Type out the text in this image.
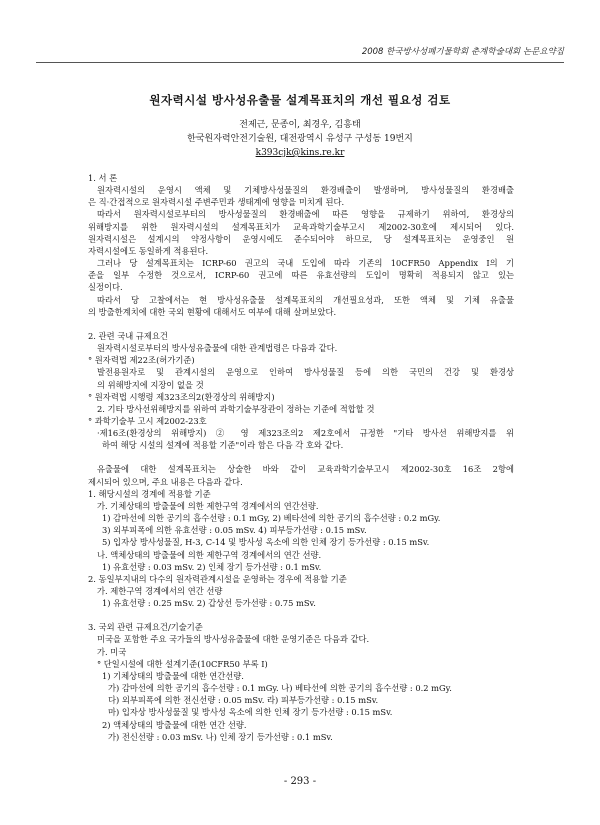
2008 한국방사성폐기물학회 춘계학술대회 논문요약집
원자력시설 방사성유출물 설계목표치의 개선 필요성 검토
전제근, 문종이, 최경우, 김흥태
한국원자력안전기술원, 대전광역시 유성구 구성동 19번지
k393cjk@kins.re.kr

1. 서 론

원자력시설의 운영시 액체 및 기체방사성물질의 환경배출이 발생하며, 방사성물질의 환경배출

은 직·간접적으로 원자력시설 주변주민과 생태계에 영향을 미치게 된다.

따라서 원자력시설로부터의 방사성물질의 환경배출에 따른 영향을 규제하기 위하여, 환경상의

위해방지를 위한 원자력시설의 설계목표치가 교육과학기술부고시 제2002-30호에 제시되어 있다.

원자력시설은 설계시의 약정사항이 운영시에도 준수되어야 하므로, 당 설계목표치는 운영중인 원

자력시설에도 동일하게 적용된다.

그러나 당 설계목표치는 ICRP-60 권고의 국내 도입에 따라 기존의 10CFR50 Appendix I의 기

준을 일부 수정한 것으로서, ICRP-60 권고에 따른 유효선량의 도입이 명확히 적용되지 않고 있는

실정이다.

따라서 당 고찰에서는 현 방사성유출물 설계목표치의 개선필요성과, 또한 액체 및 기체 유출물

의 방출한계치에 대한 국외 현황에 대해서도 여부에 대해 살펴보았다.

2. 관련 국내 규제요건

원자력시설로부터의 방사성유출물에 대한 관계법령은 다음과 같다.

° 원자력법 제22조(허가기준)

발전용원자로 및 관계시설의 운영으로 인하여 방사성물질 등에 의한 국민의 건강 및 환경상

의 위해방지에 지장이 없을 것

° 원자력법 시행령 제323조의2(환경상의 위해방지)

2. 기타 방사선위해방지를 위하여 과학기술부장관이 정하는 기준에 적합할 것

° 과학기술부 고시 제2002-23호

·제16조(환경상의 위해방지) ② 영 제323조의2 제2호에서 규정한 "기타 방사선 위해방지를 위

하여 해당 시설의 설계에 적용할 기준"이라 함은 다음 각 호와 같다.

유출물에 대한 설계목표치는 상술한 바와 같이 교육과학기술부고시 제2002-30호 16조 2항에

제시되어 있으며, 주요 내용은 다음과 같다.

1. 해당시설의 경계에 적용할 기준

가. 기체상태의 방출물에 의한 제한구역 경계에서의 연간선량.

1) 감마선에 의한 공기의 흡수선량 : 0.1 mGy, 2) 베타선에 의한 공기의 흡수선량 : 0.2 mGy.

3) 외부피폭에 의한 유효선량 : 0.05 mSv. 4) 피부등가선량 : 0.15 mSv.

5) 입자상 방사성물질, H-3, C-14 및 방사성 옥소에 의한 인체 장기 등가선량 : 0.15 mSv.

나. 액체상태의 방출물에 의한 제한구역 경계에서의 연간 선량.

1) 유효선량 : 0.03 mSv. 2) 인체 장기 등가선량 : 0.1 mSv.

2. 동일부지내의 다수의 원자력관계시설을 운영하는 경우에 적용할 기준

가. 제한구역 경계에서의 연간 선량

1) 유효선량 : 0.25 mSv. 2) 갑상선 등가선량 : 0.75 mSv.

3. 국외 관련 규제요건/기술기준

미국을 포함한 주요 국가들의 방사성유출물에 대한 운영기준은 다음과 같다.

가. 미국

° 단일시설에 대한 설계기준(10CFR50 부록 I)

1) 기체상태의 방출물에 대한 연간선량.

가) 감마선에 의한 공기의 흡수선량 : 0.1 mGy. 나) 베타선에 의한 공기의 흡수선량 : 0.2 mGy.

다) 외부피폭에 의한 전신선량 : 0.05 mSv. 라) 피부등가선량 : 0.15 mSv.

마) 입자상 방사성물질 및 방사성 옥소에 의한 인체 장기 등가선량 : 0.15 mSv.

2) 액체상태의 방출물에 대한 연간 선량.

가) 전신선량 : 0.03 mSv. 나) 인체 장기 등가선량 : 0.1 mSv.

- 293 -
